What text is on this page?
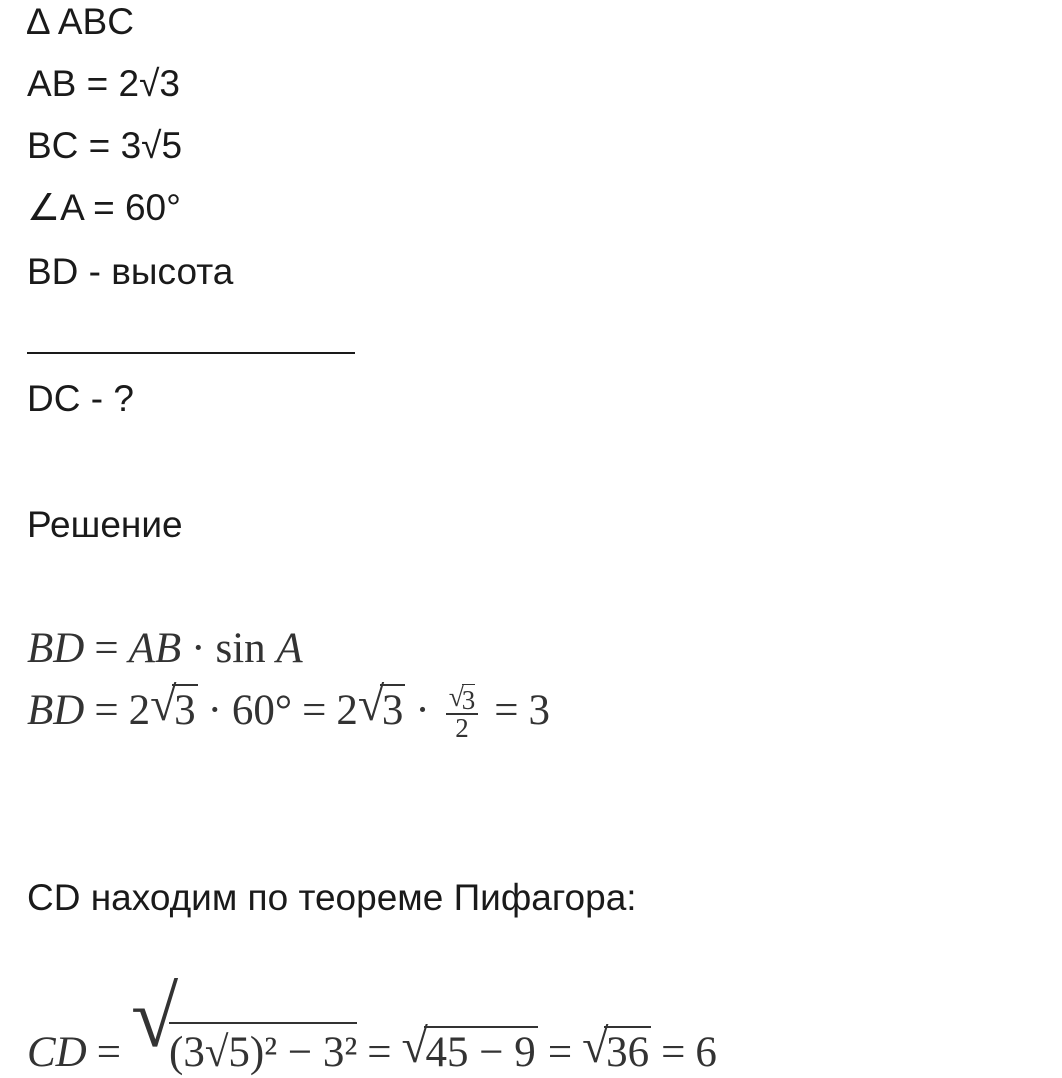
∆ ABC
AB = 2√3
BC = 3√5
∠A = 60°
BD - высота
DC - ?
Решение
BD = AB · sin A
BD = 2 √
3 · 60° = 2 √
3 · √
3
2 = 3
CD находим по теореме Пифагора:
CD = √
(3√5)² − 3² = √
45 − 9 = √
36 = 6
